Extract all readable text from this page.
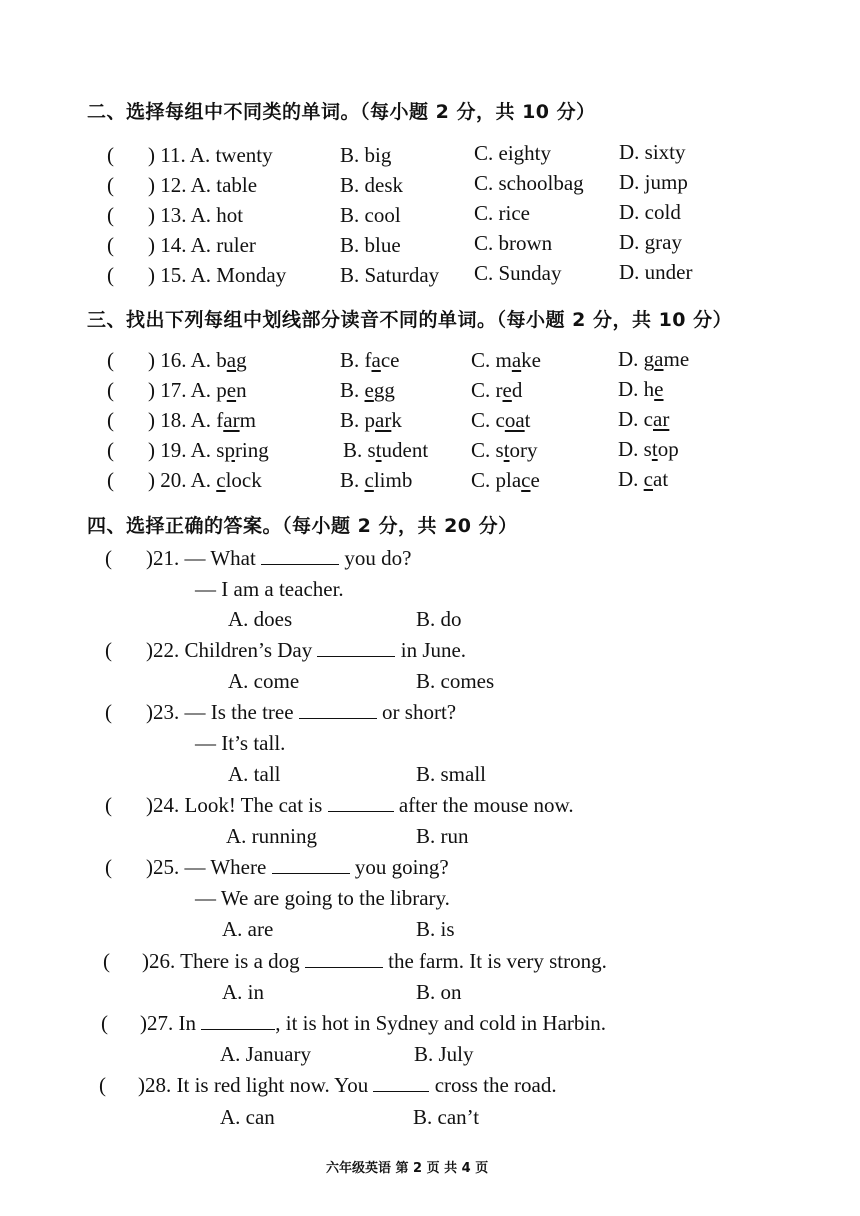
二、选择每组中不同类的单词。（每小题 2 分，共 10 分）
( ) 11. A. twenty	B. big	C. eighty	D. sixty
( ) 12. A. table	B. desk	C. schoolbag D. jump
( ) 13. A. hot	B. cool	C. rice	D. cold
( ) 14. A. ruler	B. blue	C. brown	D. gray
( ) 15. A. Monday	B. Saturday C. Sunday	D. under
三、找出下列每组中划线部分读音不同的单词。（每小题 2 分，共 10 分）
( ) 16. A. bag	B. face	C. make	D. game
( ) 17. A. pen	B. egg	C. red	D. he
( ) 18. A. farm	B. park	C. coat	D. car
( ) 19. A. spring	B. student C. story	D. stop
( ) 20. A. clock	B. climb	C. place	D. cat
四、选择正确的答案。（每小题 2 分，共 20 分）
( )21. — What	you do?
— I am a teacher.
A. does	B. do
( )22. Children’s Day	in June.
A. come	B. comes
( )23. — Is the tree	or short?
— It’s tall.
A. tall	B. small
( )24. Look! The cat is	after the mouse now.
A. running	B. run
( )25. — Where	you going?
— We are going to the library.
A. are	B. is
( )26. There is a dog	the farm. It is very strong.
A. in	B. on
( )27. In	, it is hot in Sydney and cold in Harbin.
A. January	B. July
( )28. It is red light now. You	cross the road.
A. can	B. can’t
六年级英语 第 2 页 共 4 页
